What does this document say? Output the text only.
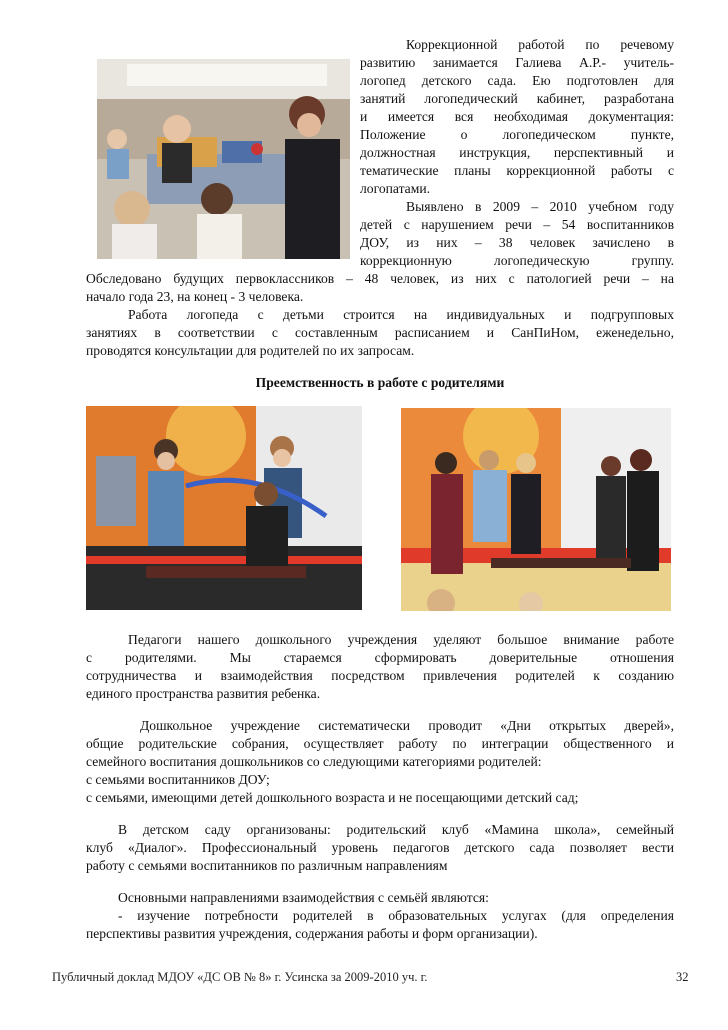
Коррекционной работой по речевому
развитию занимается Галиева А.Р.- учитель-
логопед детского сада. Ею подготовлен для
занятий логопедический кабинет, разработана
и имеется вся необходимая документация:
Положение о логопедическом пункте,
должностная инструкция, перспективный и
тематические планы коррекционной работы с
логопатами.
Выявлено в 2009 – 2010 учебном году
детей с нарушением речи – 54 воспитанников
ДОУ, из них – 38 человек зачислено в
коррекционную логопедическую группу.
Обследовано будущих первоклассников – 48 человек, из них с патологией речи – на
начало года 23, на конец - 3 человека.
Работа логопеда с детьми строится на индивидуальных и подгрупповых
занятиях в соответствии с составленным расписанием и СанПиНом, еженедельно,
проводятся консультации для родителей по их запросам.
Преемственность в работе с родителями
Педагоги нашего дошкольного учреждения уделяют большое внимание работе
с родителями. Мы стараемся сформировать доверительные отношения
сотрудничества и взаимодействия посредством привлечения родителей к созданию
единого пространства развития ребенка.
Дошкольное учреждение систематически проводит «Дни открытых дверей»,
общие родительские собрания, осуществляет работу по интеграции общественного и
семейного воспитания дошкольников со следующими категориями родителей:
с семьями воспитанников ДОУ;
с семьями, имеющими детей дошкольного возраста и не посещающими детский сад;
В детском саду организованы: родительский клуб «Мамина школа», семейный
клуб «Диалог». Профессиональный уровень педагогов детского сада позволяет вести
работу с семьями воспитанников по различным направлениям
Основными направлениями взаимодействия с семьёй являются:
- изучение потребности родителей в образовательных услугах (для определения
перспективы развития учреждения, содержания работы и форм организации).
Публичный доклад МДОУ «ДС ОВ № 8» г. Усинска за 2009-2010 уч. г.	32
